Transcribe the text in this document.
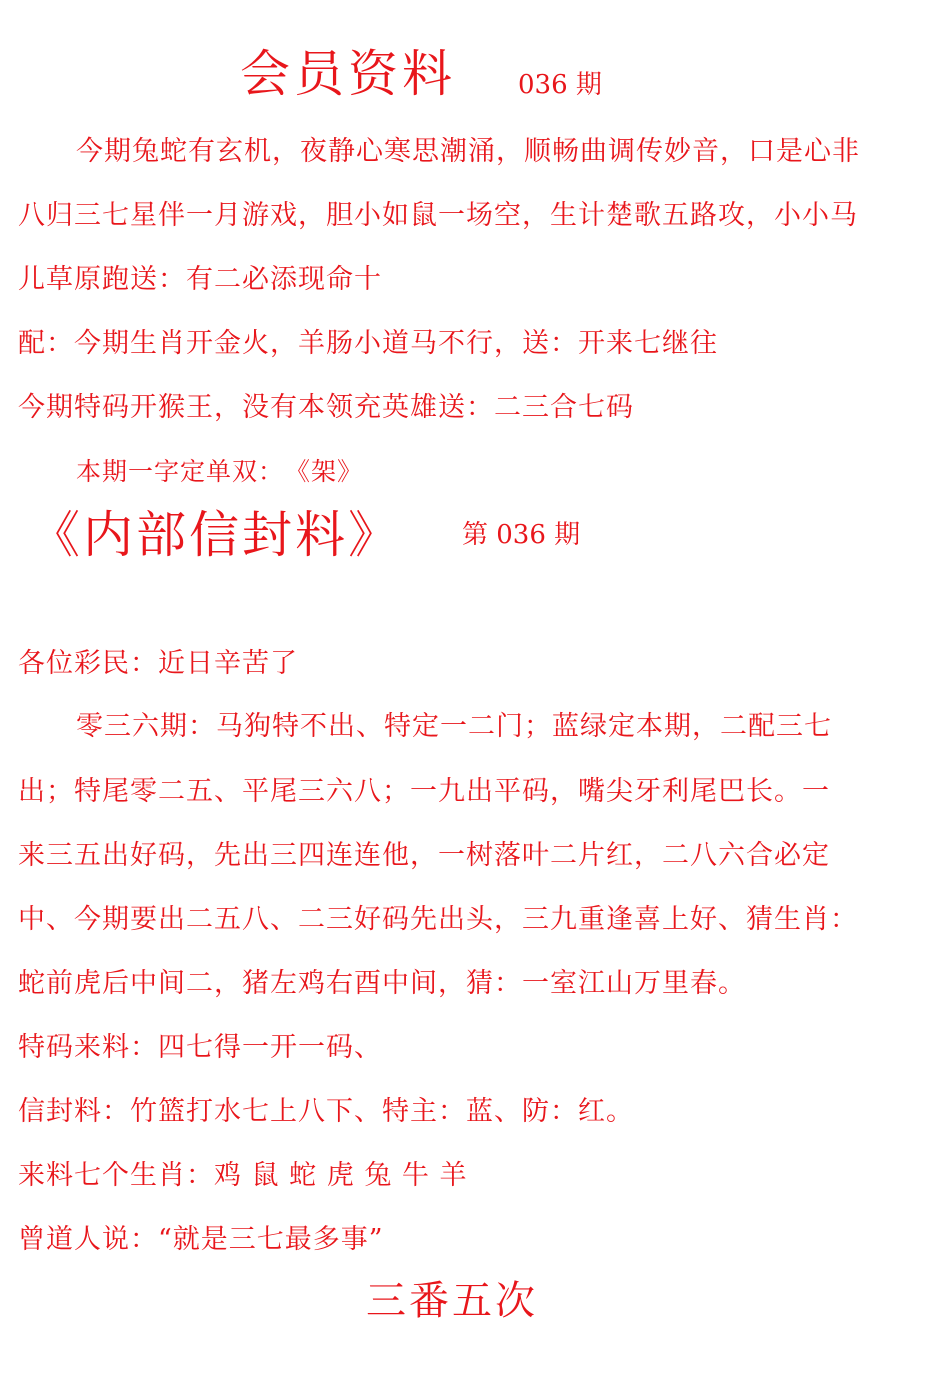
会员资料 036 期
今期兔蛇有玄机，夜静心寒思潮涌，顺畅曲调传妙音，口是心非
八归三七星伴一月游戏，胆小如鼠一场空，生计楚歌五路攻，小小马
儿草原跑送：有二必添现命十
配：今期生肖开金火，羊肠小道马不行，送：开来七继往
今期特码开猴王，没有本领充英雄送：二三合七码
本期一字定单双：　《架》
《内部信封料》 第 036 期
各位彩民：近日辛苦了
零三六期：马狗特不出、特定一二门；蓝绿定本期，二配三七
出；特尾零二五、平尾三六八；一九出平码，嘴尖牙利尾巴长。一
来三五出好码，先出三四连连他，一树落叶二片红，二八六合必定
中、今期要出二五八、二三好码先出头，三九重逢喜上好、猜生肖：
蛇前虎后中间二，猪左鸡右酉中间，猜：一室江山万里春。
特码来料：四七得一开一码、
信封料：竹篮打水七上八下、特主：蓝、防：红。
来料七个生肖：鸡 鼠 蛇 虎 兔 牛 羊
曾道人说：“就是三七最多事”
三番五次
